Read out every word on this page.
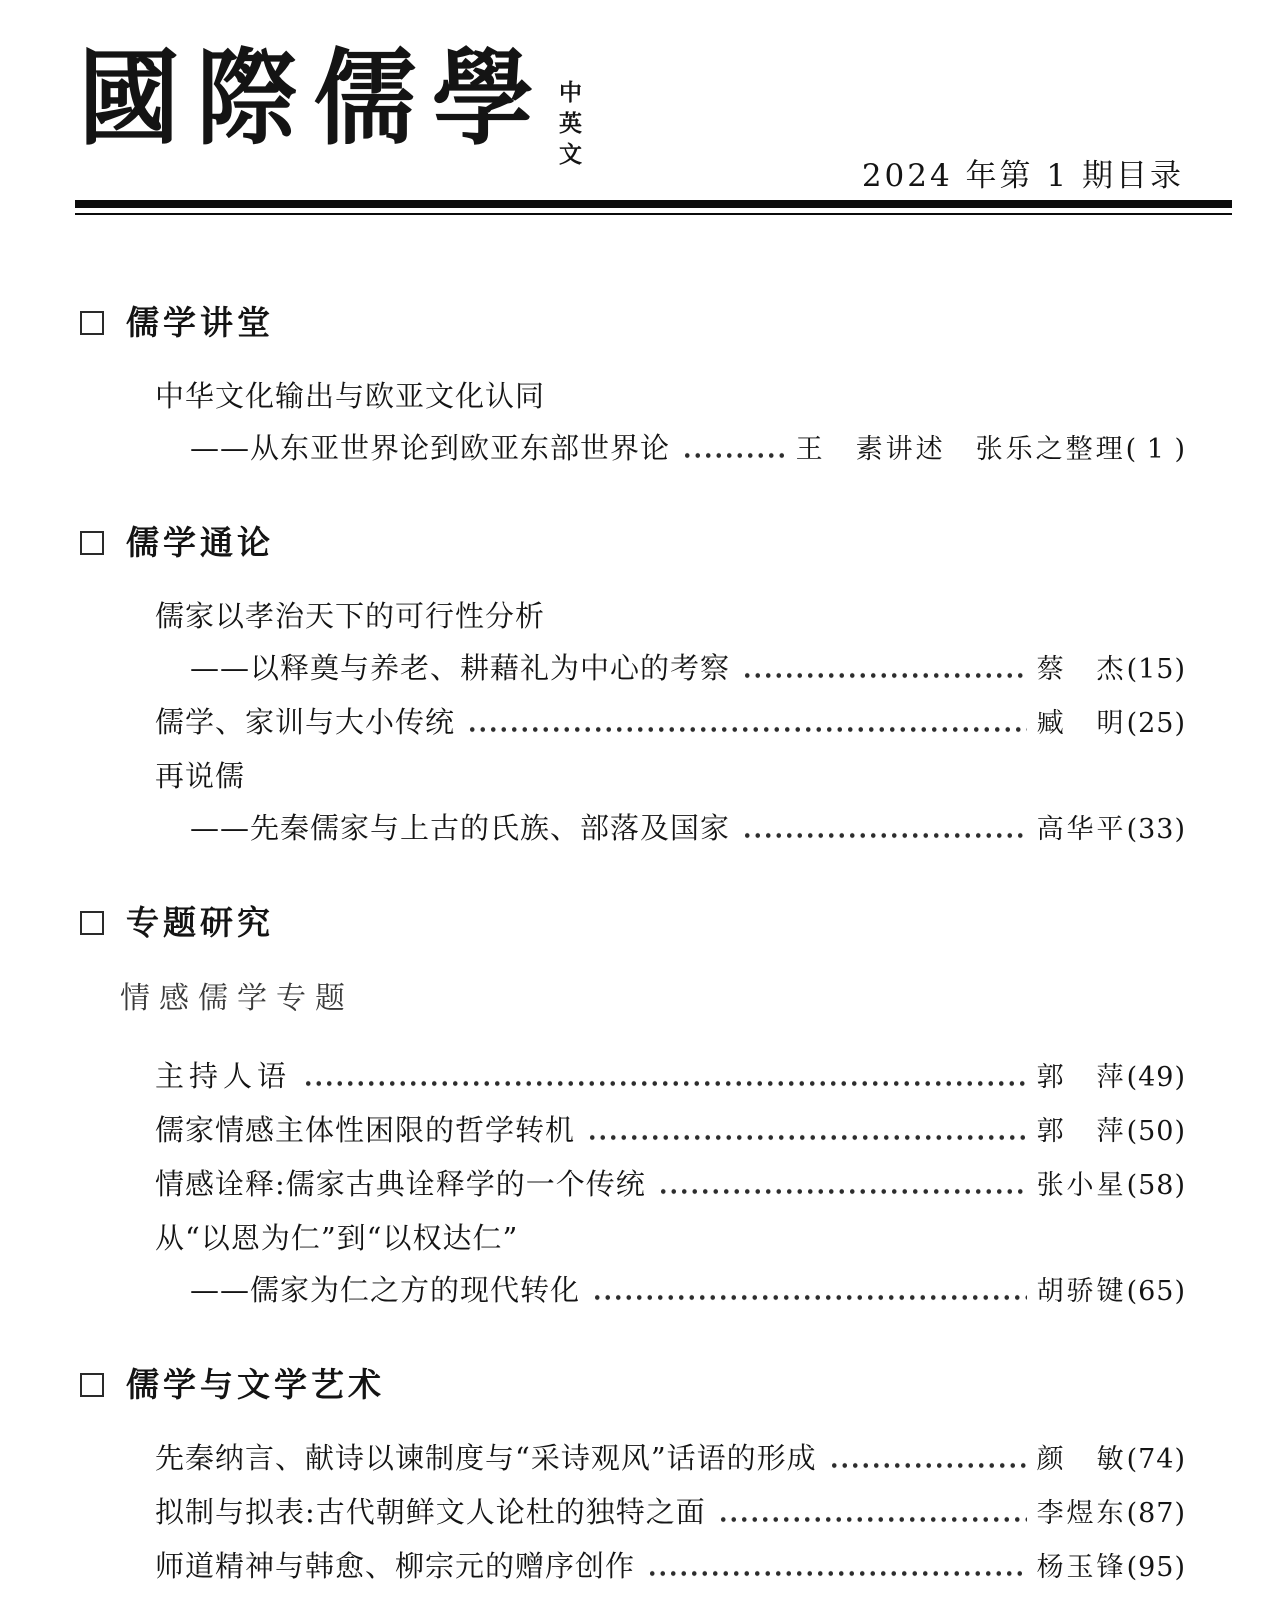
國際儒學 中英文
2024 年第 1 期目录
儒学讲堂
中华文化输出与欧亚文化认同
——从东亚世界论到欧亚东部世界论	王　素讲述　张乐之整理 ( 1 )
儒学通论
儒家以孝治天下的可行性分析
——以释奠与养老、耕藉礼为中心的考察	蔡　杰 (15)
儒学、家训与大小传统	臧　明 (25)
再说儒
——先秦儒家与上古的氏族、部落及国家	高华平 (33)
专题研究
情感儒学专题
主持人语	郭　萍 (49)
儒家情感主体性困限的哲学转机	郭　萍 (50)
情感诠释:儒家古典诠释学的一个传统	张小星 (58)
从“以恩为仁”到“以权达仁”
——儒家为仁之方的现代转化	胡骄键 (65)
儒学与文学艺术
先秦纳言、献诗以谏制度与“采诗观风”话语的形成	颜　敏 (74)
拟制与拟表:古代朝鲜文人论杜的独特之面	李煜东 (87)
师道精神与韩愈、柳宗元的赠序创作	杨玉锋 (95)
